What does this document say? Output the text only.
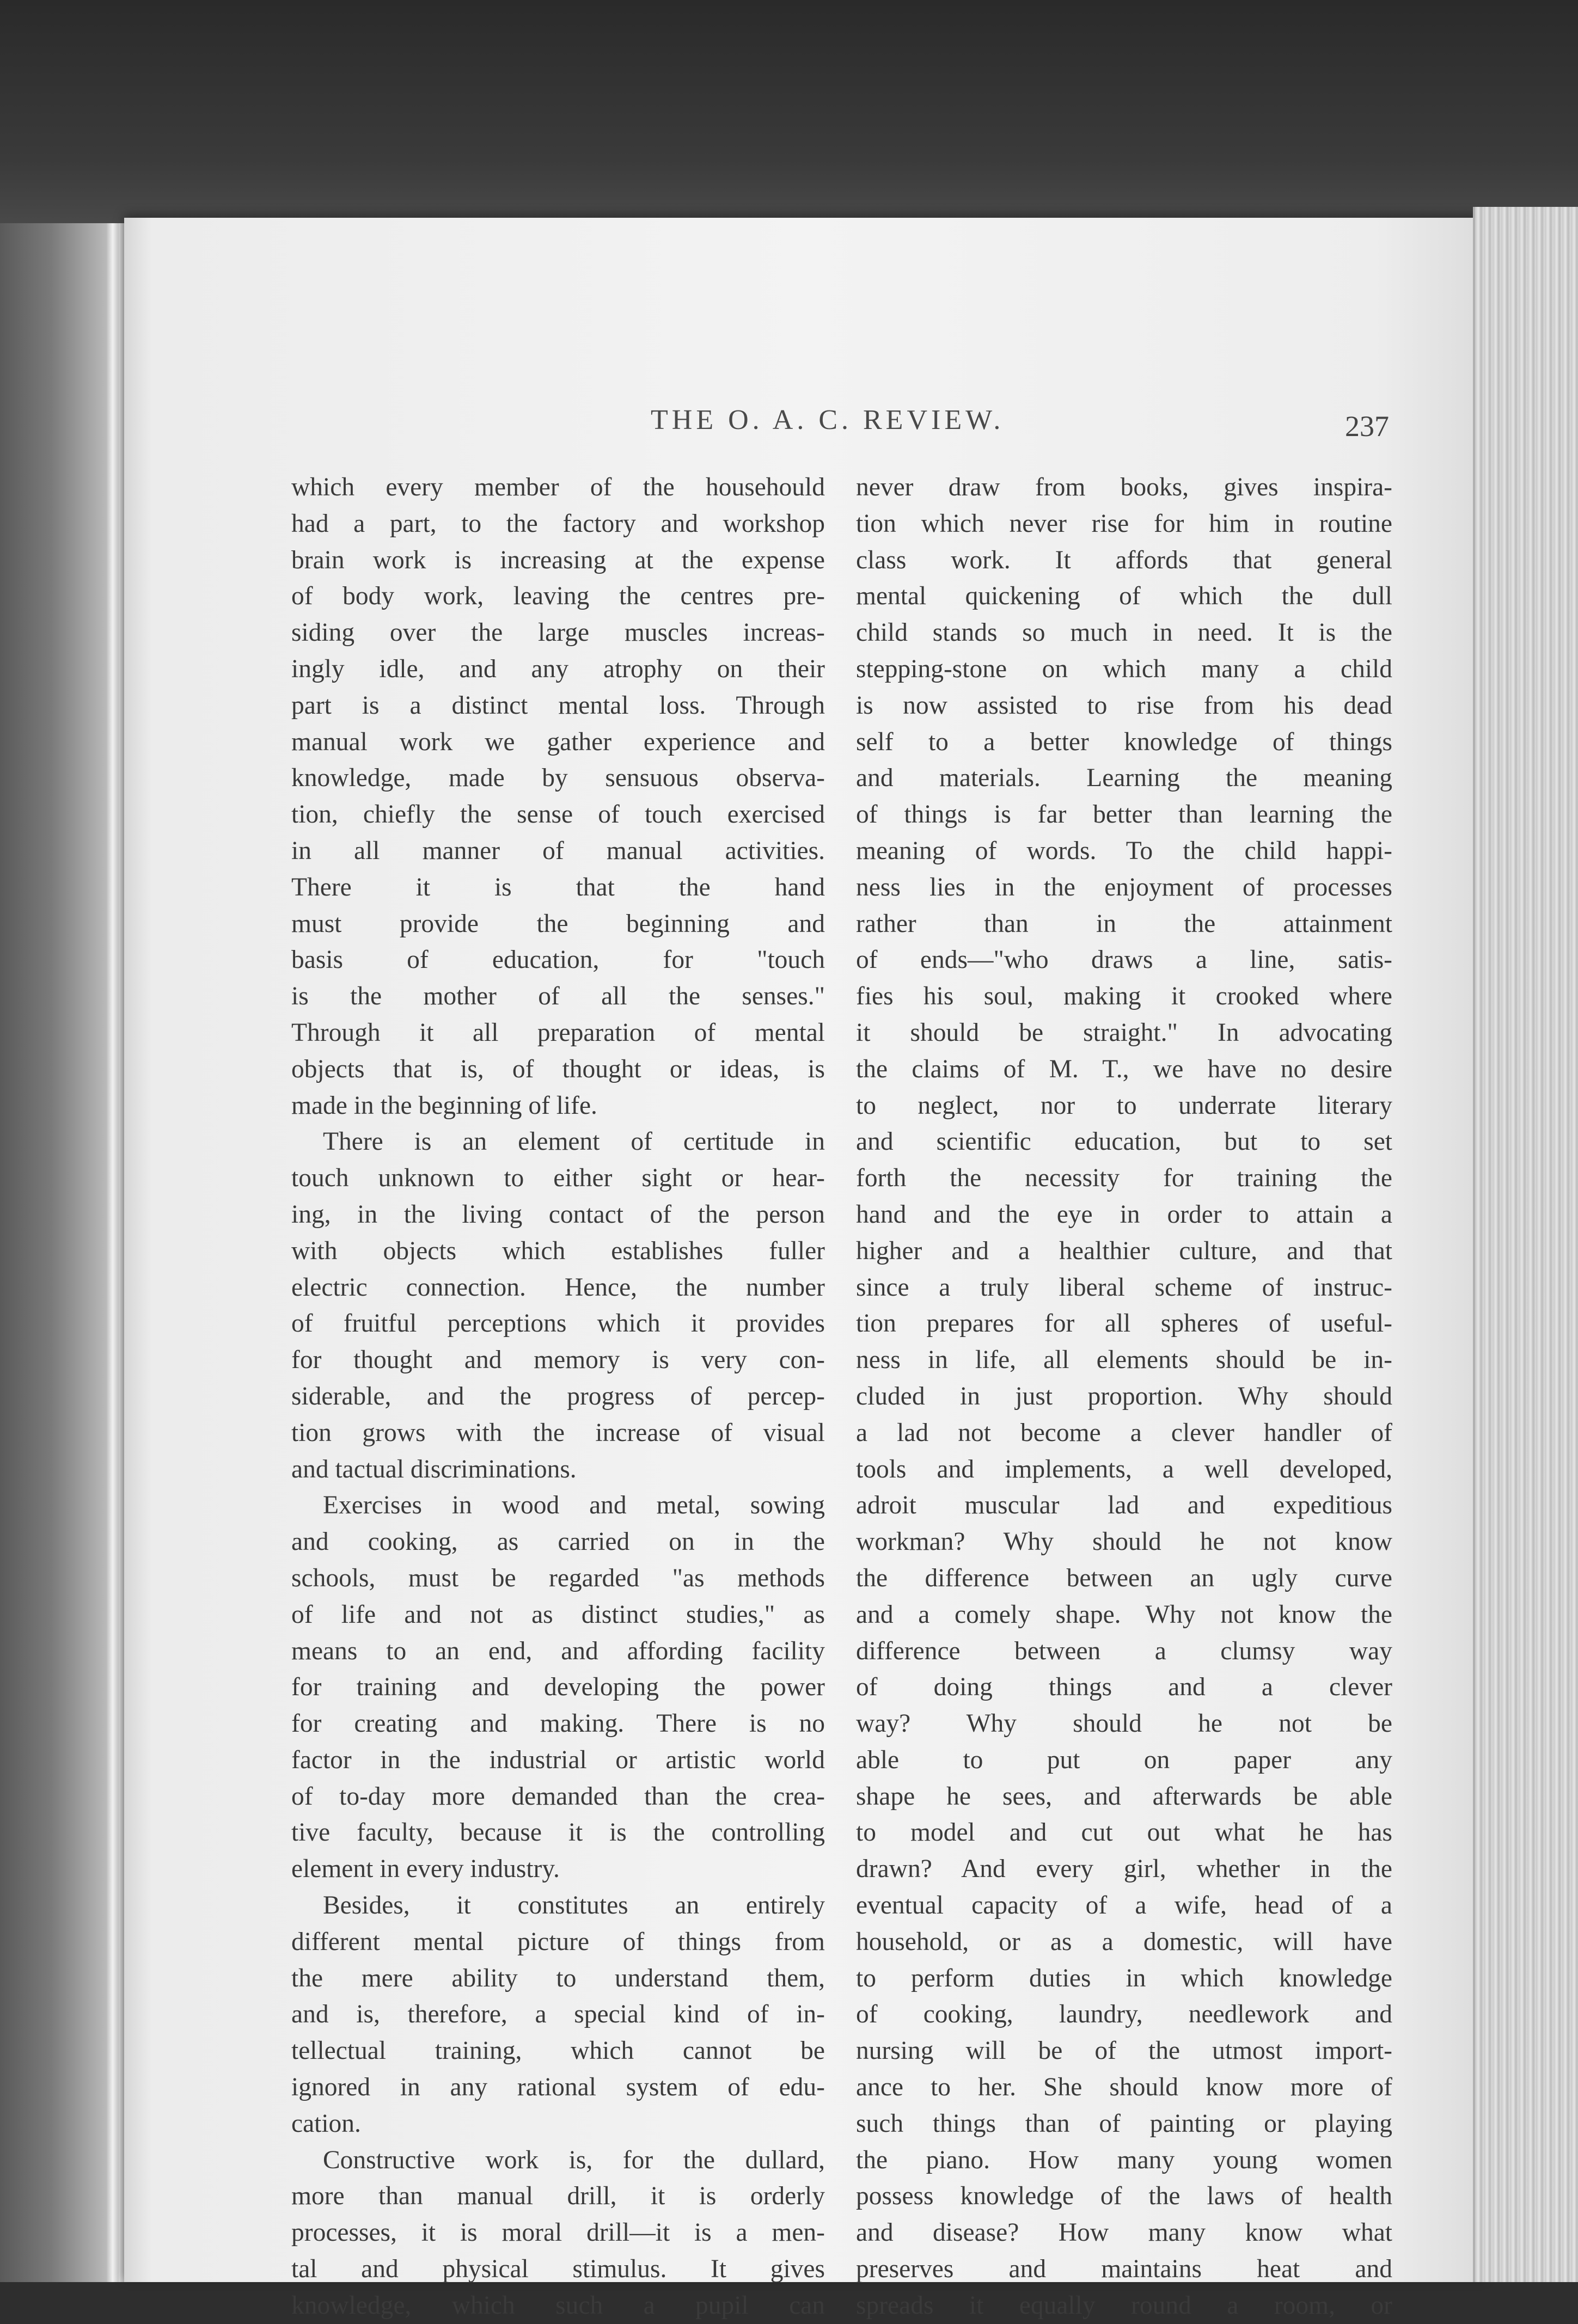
THE O. A. C. REVIEW.	237
which every member of the househould
had a part, to the factory and workshop
brain work is increasing at the expense
of body work, leaving the centres pre-
siding over the large muscles increas-
ingly idle, and any atrophy on their
part is a distinct mental loss. Through
manual work we gather experience and
knowledge, made by sensuous observa-
tion, chiefly the sense of touch exercised
in all manner of manual activities.
There it is that the hand
must provide the beginning and
basis of education, for "touch
is the mother of all the senses."
Through it all preparation of mental
objects that is, of thought or ideas, is
made in the beginning of life.
There is an element of certitude in
touch unknown to either sight or hear-
ing, in the living contact of the person
with objects which establishes fuller
electric connection. Hence, the number
of fruitful perceptions which it provides
for thought and memory is very con-
siderable, and the progress of percep-
tion grows with the increase of visual
and tactual discriminations.
Exercises in wood and metal, sowing
and cooking, as carried on in the
schools, must be regarded "as methods
of life and not as distinct studies," as
means to an end, and affording facility
for training and developing the power
for creating and making. There is no
factor in the industrial or artistic world
of to-day more demanded than the crea-
tive faculty, because it is the controlling
element in every industry.
Besides, it constitutes an entirely
different mental picture of things from
the mere ability to understand them,
and is, therefore, a special kind of in-
tellectual training, which cannot be
ignored in any rational system of edu-
cation.
Constructive work is, for the dullard,
more than manual drill, it is orderly
processes, it is moral drill—it is a men-
tal and physical stimulus. It gives
knowledge, which such a pupil can
never draw from books, gives inspira-
tion which never rise for him in routine
class work. It affords that general
mental quickening of which the dull
child stands so much in need. It is the
stepping-stone on which many a child
is now assisted to rise from his dead
self to a better knowledge of things
and materials. Learning the meaning
of things is far better than learning the
meaning of words. To the child happi-
ness lies in the enjoyment of processes
rather than in the attainment
of ends—"who draws a line, satis-
fies his soul, making it crooked where
it should be straight." In advocating
the claims of M. T., we have no desire
to neglect, nor to underrate literary
and scientific education, but to set
forth the necessity for training the
hand and the eye in order to attain a
higher and a healthier culture, and that
since a truly liberal scheme of instruc-
tion prepares for all spheres of useful-
ness in life, all elements should be in-
cluded in just proportion. Why should
a lad not become a clever handler of
tools and implements, a well developed,
adroit muscular lad and expeditious
workman? Why should he not know
the difference between an ugly curve
and a comely shape. Why not know the
difference between a clumsy way
of doing things and a clever
way? Why should he not be
able to put on paper any
shape he sees, and afterwards be able
to model and cut out what he has
drawn? And every girl, whether in the
eventual capacity of a wife, head of a
household, or as a domestic, will have
to perform duties in which knowledge
of cooking, laundry, needlework and
nursing will be of the utmost import-
ance to her. She should know more of
such things than of painting or playing
the piano. How many young women
possess knowledge of the laws of health
and disease? How many know what
preserves and maintains heat and
spreads it equally round a room, or
